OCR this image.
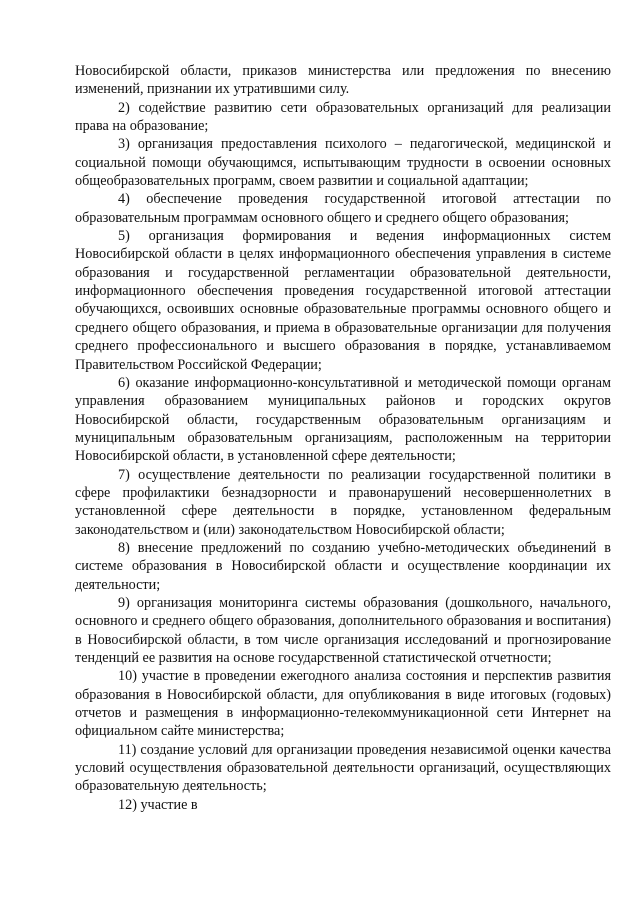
Новосибирской области, приказов министерства или предложения по внесению изменений, признании их утратившими силу.

2) содействие развитию сети образовательных организаций для реализации права на образование;

3) организация предоставления психолого – педагогической, медицинской и социальной помощи обучающимся, испытывающим трудности в освоении основных общеобразовательных программ, своем развитии и социальной адаптации;

4) обеспечение проведения государственной итоговой аттестации по образовательным программам основного общего и среднего общего образования;

5) организация формирования и ведения информационных систем Новосибирской области в целях информационного обеспечения управления в системе образования и государственной регламентации образовательной деятельности, информационного обеспечения проведения государственной итоговой аттестации обучающихся, освоивших основные образовательные программы основного общего и среднего общего образования, и приема в образовательные организации для получения среднего профессионального и высшего образования в порядке, устанавливаемом Правительством Российской Федерации;

6) оказание информационно-консультативной и методической помощи органам управления образованием муниципальных районов и городских округов Новосибирской области, государственным образовательным организациям и муниципальным образовательным организациям, расположенным на территории Новосибирской области, в установленной сфере деятельности;

7) осуществление деятельности по реализации государственной политики в сфере профилактики безнадзорности и правонарушений несовершеннолетних в установленной сфере деятельности в порядке, установленном федеральным законодательством и (или) законодательством Новосибирской области;

8) внесение предложений по созданию учебно-методических объединений в системе образования в Новосибирской области и осуществление координации их деятельности;

9) организация мониторинга системы образования (дошкольного, начального, основного и среднего общего образования, дополнительного образования и воспитания) в Новосибирской области, в том числе организация исследований и прогнозирование тенденций ее развития на основе государственной статистической отчетности;

10) участие в проведении ежегодного анализа состояния и перспектив развития образования в Новосибирской области, для опубликования в виде итоговых (годовых) отчетов и размещения в информационно-телекоммуникационной сети Интернет на официальном сайте министерства;

11) создание условий для организации проведения независимой оценки качества условий осуществления образовательной деятельности организаций, осуществляющих образовательную деятельность;

12) участие в
